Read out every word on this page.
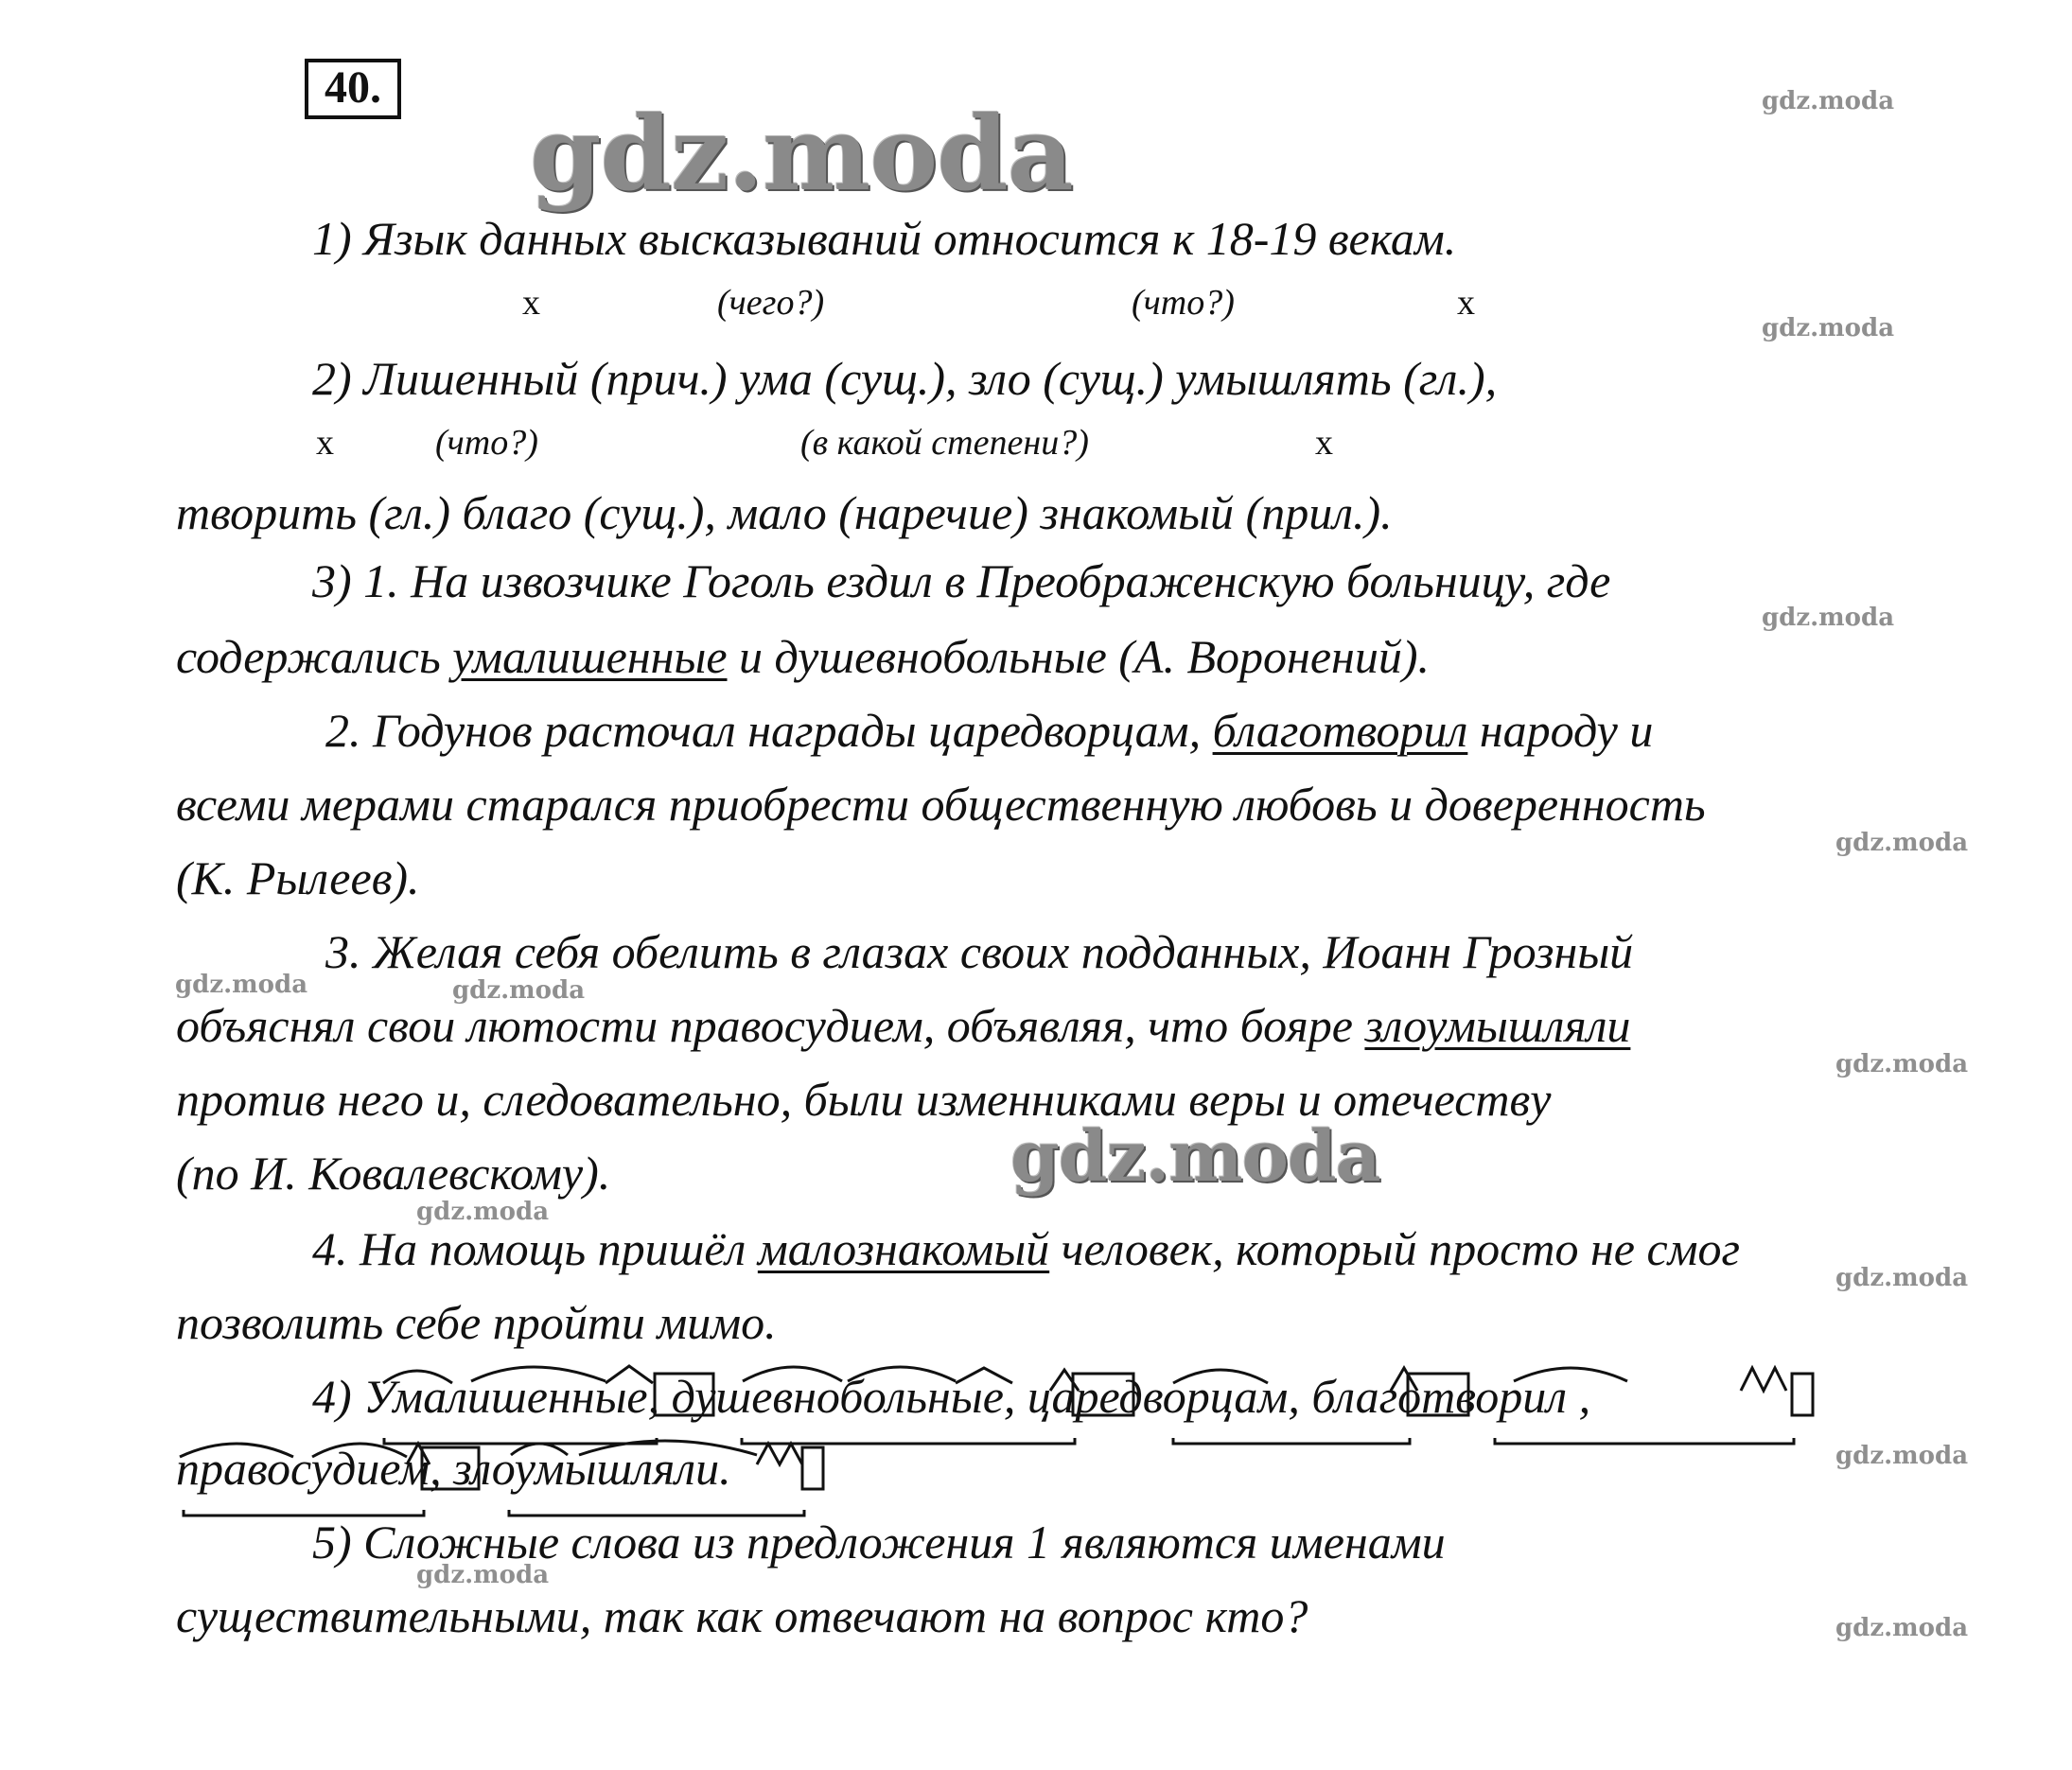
40.
gdz.moda
gdz.moda
gdz.moda
gdz.moda
gdz.moda
gdz.moda
gdz.moda	gdz.moda
gdz.moda
gdz.moda
gdz.moda
gdz.moda
gdz.moda
gdz.moda
1) Язык данных высказываний относится к 18-19 векам.
х	(чего?)	(что?)	х
2) Лишенный (прич.) ума (сущ.), зло (сущ.) умышлять (гл.),
х	(что?)	(в какой степени?)	х
творить (гл.) благо (сущ.), мало (наречие) знакомый (прил.).
3) 1. На извозчике Гоголь ездил в Преображенскую больницу, где
содержались умалишенные и душевнобольные (А. Воронений).
2. Годунов расточал награды царедворцам, благотворил народу и
всеми мерами старался приобрести общественную любовь и доверенность
(К. Рылеев).
3. Желая себя обелить в глазах своих подданных, Иоанн Грозный
объяснял свои лютости правосудием, объявляя, что бояре злоумышляли
против него и, следовательно, были изменниками веры и отечеству
(по И. Ковалевскому).
4. На помощь пришёл малознакомый человек, который просто не смог
позволить себе пройти мимо.
4) Умалишенные, душевнобольные, царедворцам, благотворил ,
правосудием, злоумышляли.
5) Сложные слова из предложения 1 являются именами
существительными, так как отвечают на вопрос кто?
